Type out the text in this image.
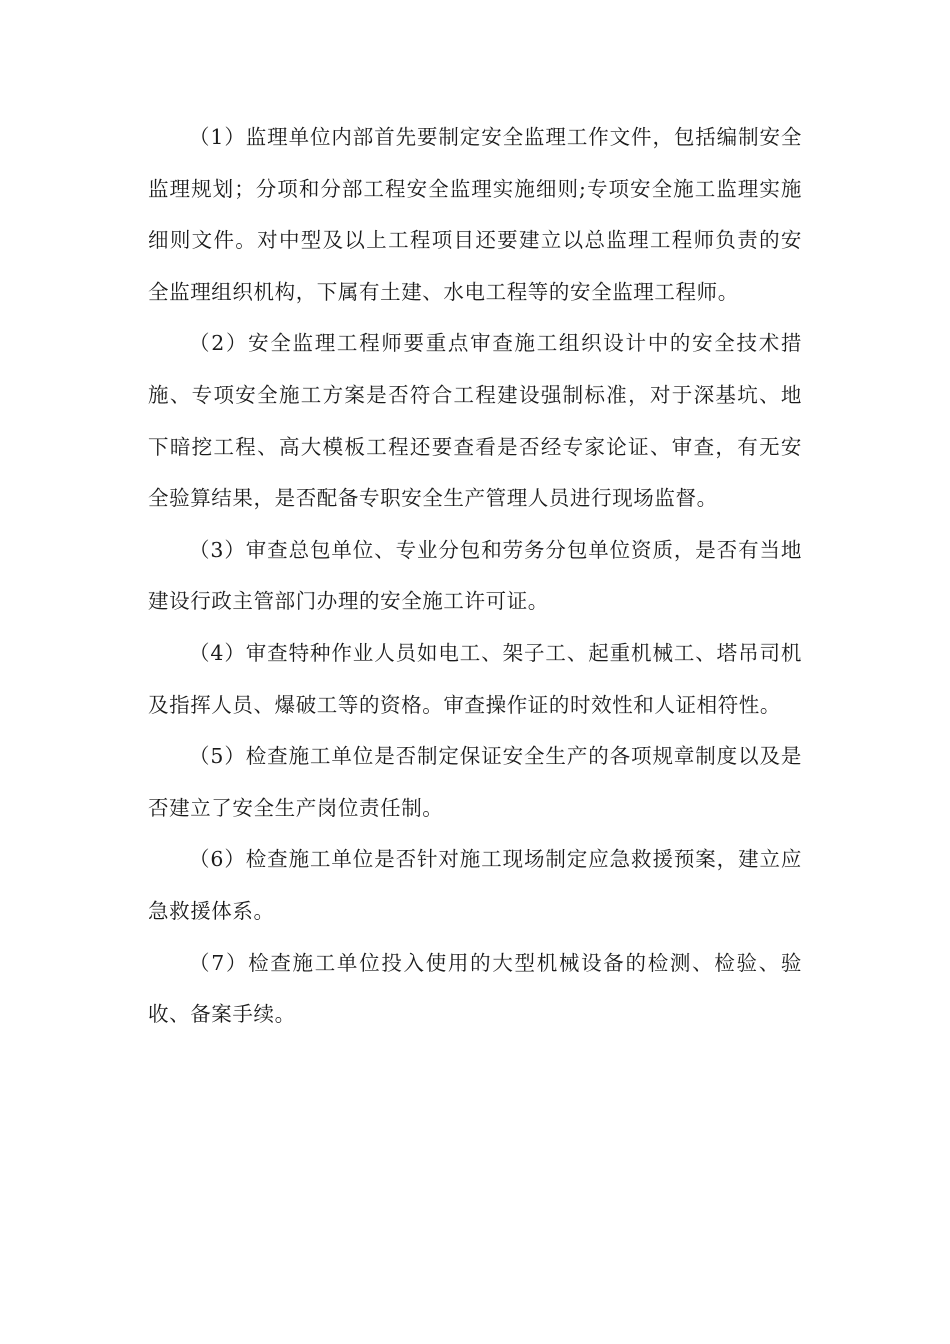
（1）监理单位内部首先要制定安全监理工作文件，包括编制安全监理规划；分项和分部工程安全监理实施细则;专项安全施工监理实施细则文件。对中型及以上工程项目还要建立以总监理工程师负责的安全监理组织机构，下属有土建、水电工程等的安全监理工程师。

（2）安全监理工程师要重点审查施工组织设计中的安全技术措施、专项安全施工方案是否符合工程建设强制标准，对于深基坑、地下暗挖工程、高大模板工程还要查看是否经专家论证、审查，有无安全验算结果，是否配备专职安全生产管理人员进行现场监督。

（3）审查总包单位、专业分包和劳务分包单位资质，是否有当地建设行政主管部门办理的安全施工许可证。

（4）审查特种作业人员如电工、架子工、起重机械工、塔吊司机及指挥人员、爆破工等的资格。审查操作证的时效性和人证相符性。

（5）检查施工单位是否制定保证安全生产的各项规章制度以及是否建立了安全生产岗位责任制。

（6）检查施工单位是否针对施工现场制定应急救援预案，建立应急救援体系。

（7）检查施工单位投入使用的大型机械设备的检测、检验、验收、备案手续。
